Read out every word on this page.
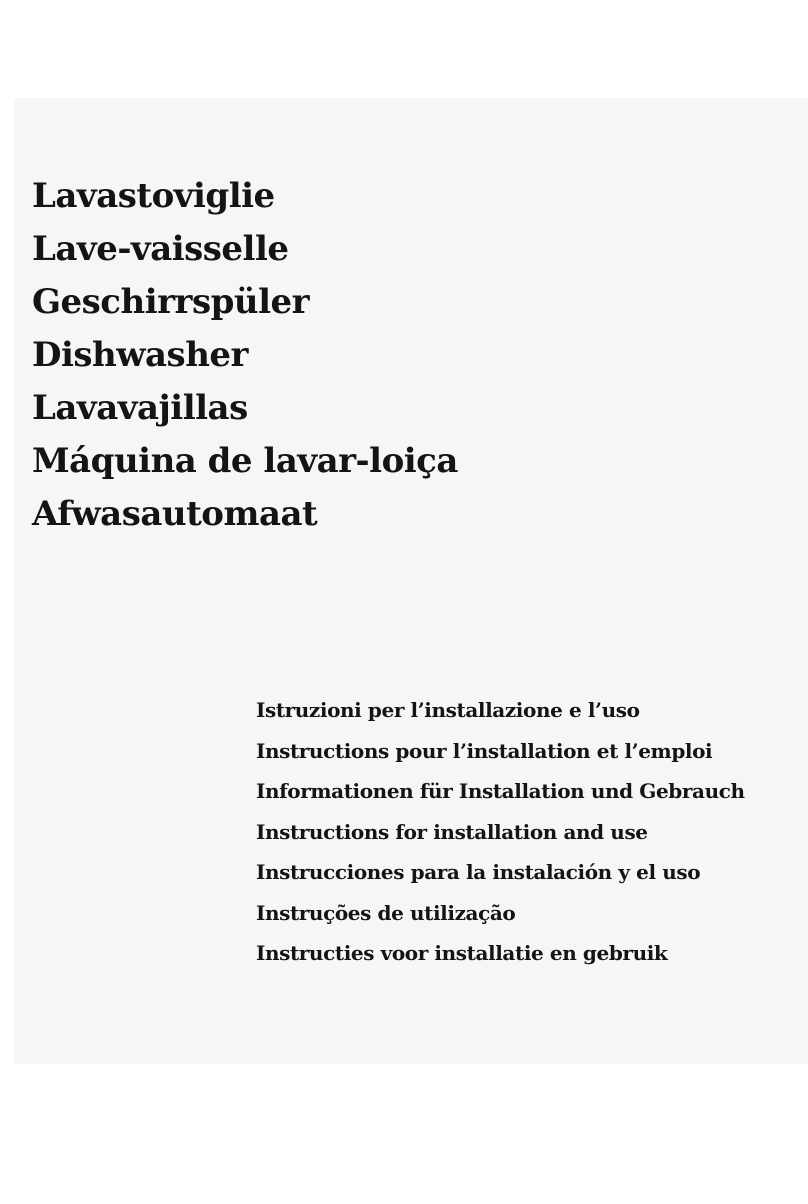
Lavastoviglie
Lave-vaisselle
Geschirrspüler
Dishwasher
Lavavajillas
Máquina de lavar-loiça
Afwasautomaat
Istruzioni per l’installazione e l’uso
Instructions pour l’installation et l’emploi
Informationen für Installation und Gebrauch
Instructions for installation and use
Instrucciones para la instalación y el uso
Instruções de utilização
Instructies voor installatie en gebruik
